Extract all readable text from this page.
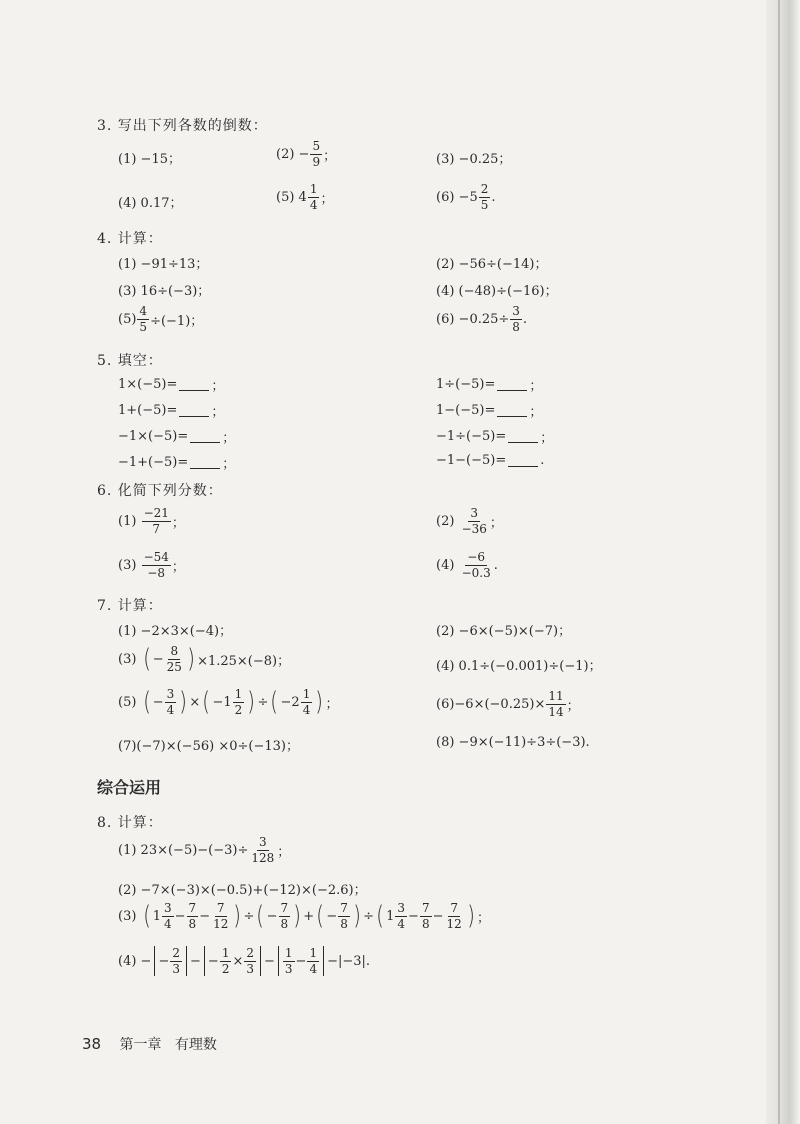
3. 写出下列各数的倒数：
(1) −15；	$(2) - \frac{5}{9}$ ；	(3) −0.25；
(4) 0.17；	(5) $4 \frac{1}{4}$ ；	$(6) -5 \frac{2}{5}$ .
4. 计算：
(1) −91÷13；	(2) −56÷(−14)；
(3) 16÷(−3)；	(4) (−48)÷(−16)；
$(5) \frac{4}{5} \div(-1)$；	$(6) -0.25\div \frac{3}{8}$ .
5. 填空：
1×(−5)=	；	1÷(−5)=	；
1+(−5)=	；	1−(−5)=	；
−1×(−5)=	；	−1÷(−5)=	；
−1+(−5)=	；	−1−(−5)=	.
6. 化简下列分数：
(1)
$\frac{-21}{7}$ ；	(2)
$\frac{3}{-36}$ ；
(3)
$\frac{-54}{-8}$ ；	(4)
$\frac{-6}{-0.3}$ .
7. 计算：
(1) −2×3×(−4)；	(2) −6×(−5)×(−7)；
(3)
( − $\frac{8}{25}$ ) ×1.25×(−8)；	(4) 0.1÷(−0.001)÷(−1)；
(5)
( − $\frac{3}{4}$ ) × ( $-1 \frac{1}{2}$ ) ÷ ( $-2 \frac{1}{4}$ ) ；	$(6)-6\times(-0.25)\times \frac{11}{14}$ ；
(7)(−7)×(−56) ×0÷(−13)；	(8) −9×(−11)÷3÷(−3).
综合运用
8. 计算：
(1) $23\times(-5)-(-3)\div \frac{3}{128}$ ；
(2) −7×(−3)×(−0.5)+(−12)×(−2.6)；
(3)
( $1 \frac{3}{4} - \frac{7}{8} - \frac{7}{12}$ ) ÷ ( − $\frac{7}{8}$ ) + ( − $\frac{7}{8}$ ) ÷ ( $1 \frac{3}{4} - \frac{7}{8} - \frac{7}{12}$ ) ；
(4) − − $\frac{2}{3}$ − − $\frac{1}{2} \times \frac{2}{3} - \frac{1}{3} - \frac{1}{4}$ −| −3 |.
38 第一章 有理数
